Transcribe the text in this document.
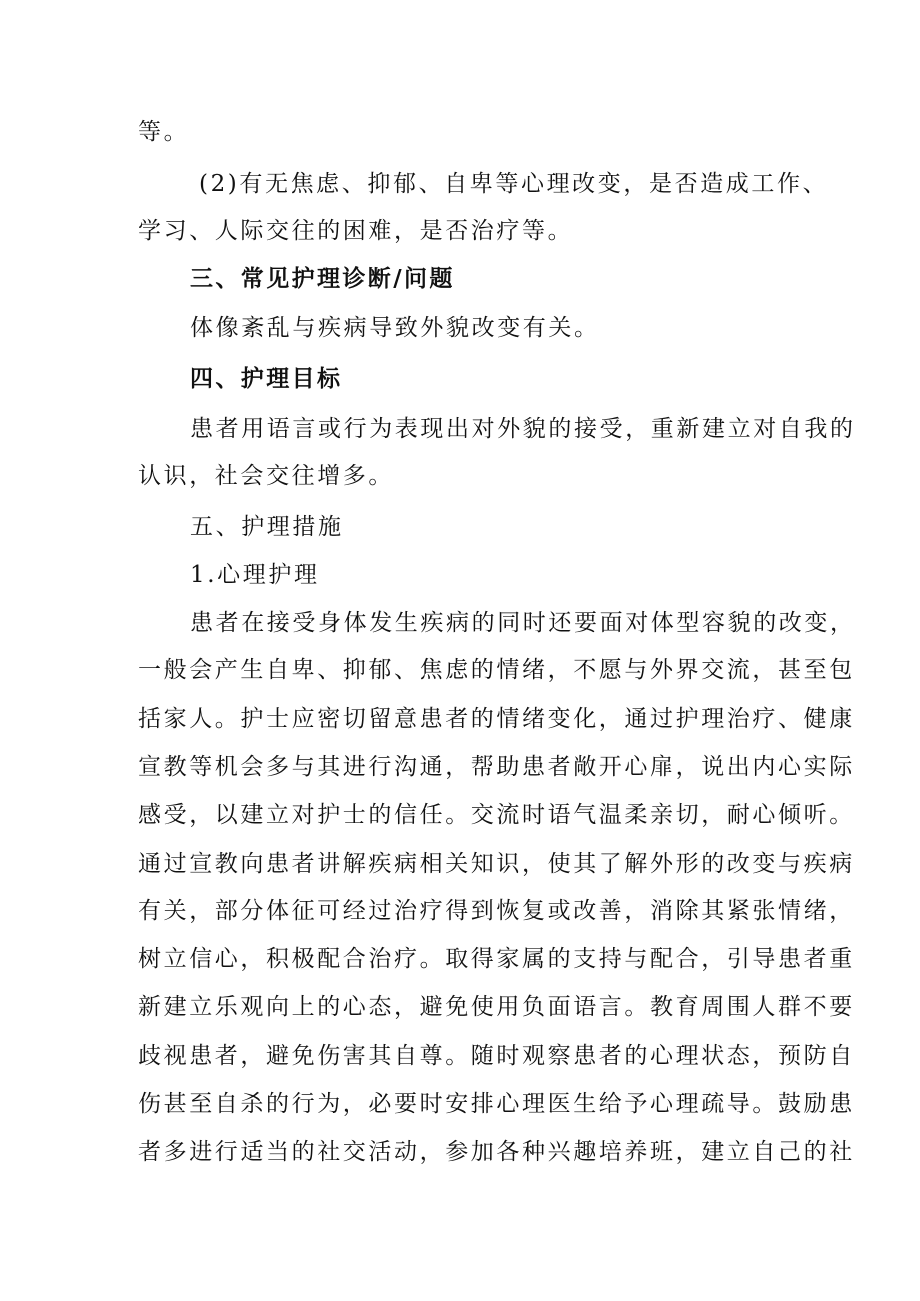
等。
(2)有无焦虑、抑郁、自卑等心理改变，是否造成工作、
学习、人际交往的困难，是否治疗等。
三、常见护理诊断/问题
体像紊乱与疾病导致外貌改变有关。
四、护理目标
患者用语言或行为表现出对外貌的接受，重新建立对自我的
认识，社会交往增多。
五、护理措施
1.心理护理
患者在接受身体发生疾病的同时还要面对体型容貌的改变，
一般会产生自卑、抑郁、焦虑的情绪，不愿与外界交流，甚至包
括家人。护士应密切留意患者的情绪变化，通过护理治疗、健康
宣教等机会多与其进行沟通，帮助患者敞开心扉，说出内心实际
感受，以建立对护士的信任。交流时语气温柔亲切，耐心倾听。
通过宣教向患者讲解疾病相关知识，使其了解外形的改变与疾病
有关，部分体征可经过治疗得到恢复或改善，消除其紧张情绪，
树立信心，积极配合治疗。取得家属的支持与配合，引导患者重
新建立乐观向上的心态，避免使用负面语言。教育周围人群不要
歧视患者，避免伤害其自尊。随时观察患者的心理状态，预防自
伤甚至自杀的行为，必要时安排心理医生给予心理疏导。鼓励患
者多进行适当的社交活动，参加各种兴趣培养班，建立自己的社
